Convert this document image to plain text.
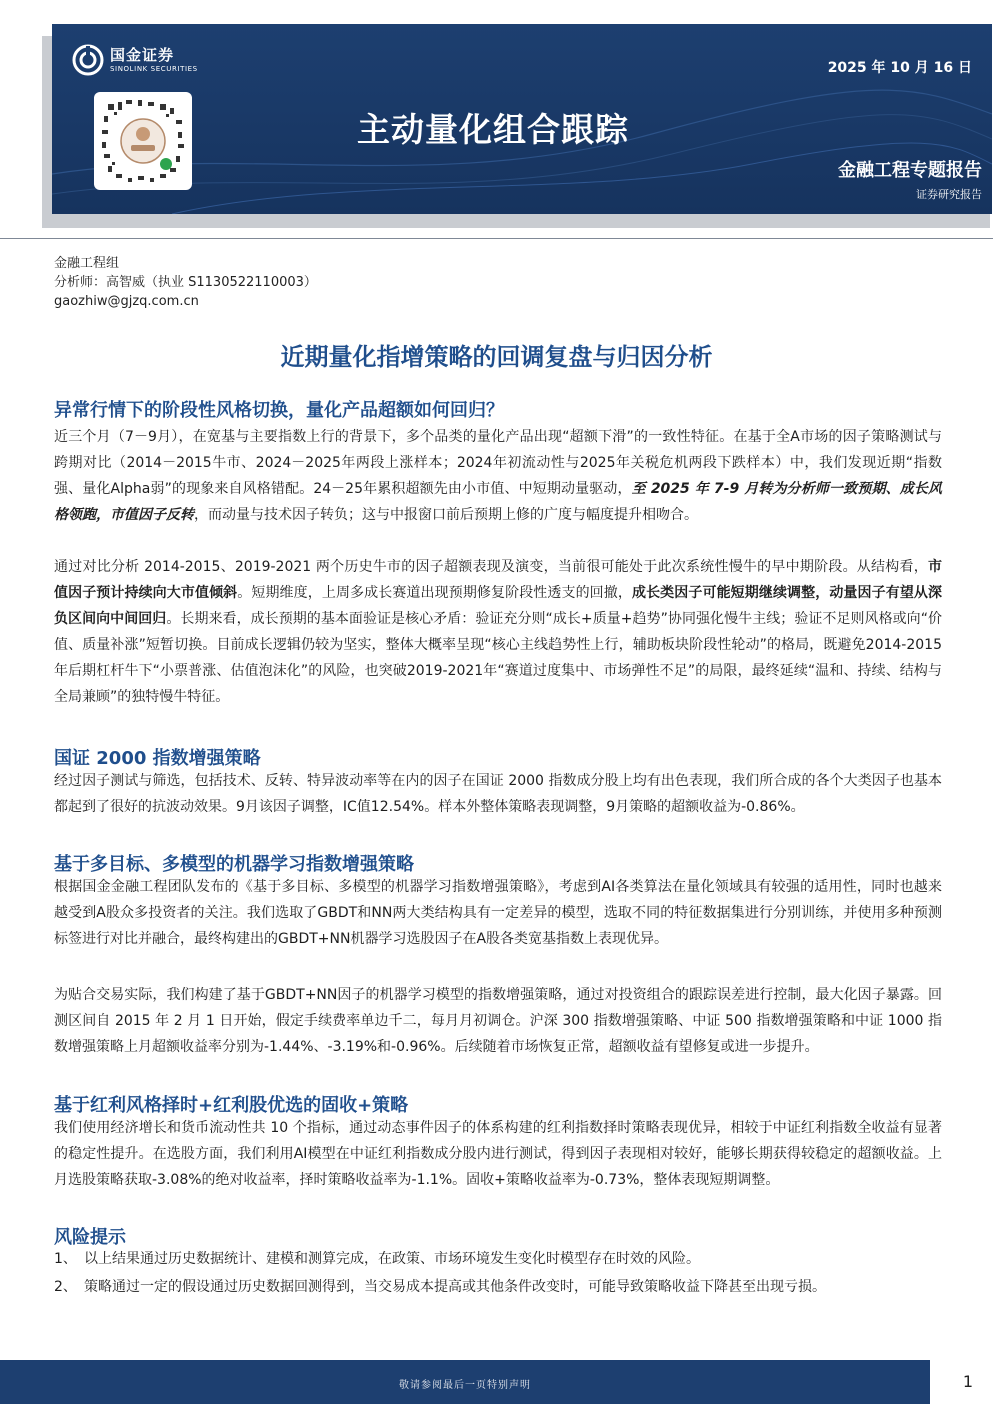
国金证券
SINOLINK SECURITIES	2025 年 10 月 16 日
主动量化组合跟踪
金融工程专题报告
证券研究报告
金融工程组
分析师：高智威（执业 S1130522110003）
gaozhiw@gjzq.com.cn
近期量化指增策略的回调复盘与归因分析
异常行情下的阶段性风格切换，量化产品超额如何回归？
近三个月（7－9月），在宽基与主要指数上行的背景下，多个品类的量化产品出现“超额下滑”的一致性特征。在基于全A市场的因子策略测试与跨期对比（2014－2015牛市、2024－2025年两段上涨样本；2024年初流动性与2025年关税危机两段下跌样本）中，我们发现近期“指数强、量化Alpha弱”的现象来自风格错配。24－25年累积超额先由小市值、中短期动量驱动，至 2025 年 7-9 月转为分析师一致预期、成长风格领跑，市值因子反转，而动量与技术因子转负；这与中报窗口前后预期上修的广度与幅度提升相吻合。
通过对比分析 2014-2015、2019-2021 两个历史牛市的因子超额表现及演变，当前很可能处于此次系统性慢牛的早中期阶段。从结构看，市值因子预计持续向大市值倾斜。短期维度，上周多成长赛道出现预期修复阶段性透支的回撤，成长类因子可能短期继续调整，动量因子有望从深负区间向中间回归。长期来看，成长预期的基本面验证是核心矛盾：验证充分则“成长+质量+趋势”协同强化慢牛主线；验证不足则风格或向“价值、质量补涨”短暂切换。目前成长逻辑仍较为坚实，整体大概率呈现“核心主线趋势性上行，辅助板块阶段性轮动”的格局，既避免2014-2015年后期杠杆牛下“小票普涨、估值泡沫化”的风险，也突破2019-2021年“赛道过度集中、市场弹性不足”的局限，最终延续“温和、持续、结构与全局兼顾”的独特慢牛特征。
国证 2000 指数增强策略
经过因子测试与筛选，包括技术、反转、特异波动率等在内的因子在国证 2000 指数成分股上均有出色表现，我们所合成的各个大类因子也基本都起到了很好的抗波动效果。9月该因子调整，IC值12.54%。样本外整体策略表现调整，9月策略的超额收益为-0.86%。
基于多目标、多模型的机器学习指数增强策略
根据国金金融工程团队发布的《基于多目标、多模型的机器学习指数增强策略》，考虑到AI各类算法在量化领域具有较强的适用性，同时也越来越受到A股众多投资者的关注。我们选取了GBDT和NN两大类结构具有一定差异的模型，选取不同的特征数据集进行分别训练，并使用多种预测标签进行对比并融合，最终构建出的GBDT+NN机器学习选股因子在A股各类宽基指数上表现优异。
为贴合交易实际，我们构建了基于GBDT+NN因子的机器学习模型的指数增强策略，通过对投资组合的跟踪误差进行控制，最大化因子暴露。回测区间自 2015 年 2 月 1 日开始，假定手续费率单边千二，每月月初调仓。沪深 300 指数增强策略、中证 500 指数增强策略和中证 1000 指数增强策略上月超额收益率分别为-1.44%、-3.19%和-0.96%。后续随着市场恢复正常，超额收益有望修复或进一步提升。
基于红利风格择时+红利股优选的固收+策略
我们使用经济增长和货币流动性共 10 个指标，通过动态事件因子的体系构建的红利指数择时策略表现优异，相较于中证红利指数全收益有显著的稳定性提升。在选股方面，我们利用AI模型在中证红利指数成分股内进行测试，得到因子表现相对较好，能够长期获得较稳定的超额收益。上月选股策略获取-3.08%的绝对收益率，择时策略收益率为-1.1%。固收+策略收益率为-0.73%，整体表现短期调整。
风险提示
1、 以上结果通过历史数据统计、建模和测算完成，在政策、市场环境发生变化时模型存在时效的风险。
2、 策略通过一定的假设通过历史数据回测得到，当交易成本提高或其他条件改变时，可能导致策略收益下降甚至出现亏损。
敬请参阅最后一页特别声明	1
